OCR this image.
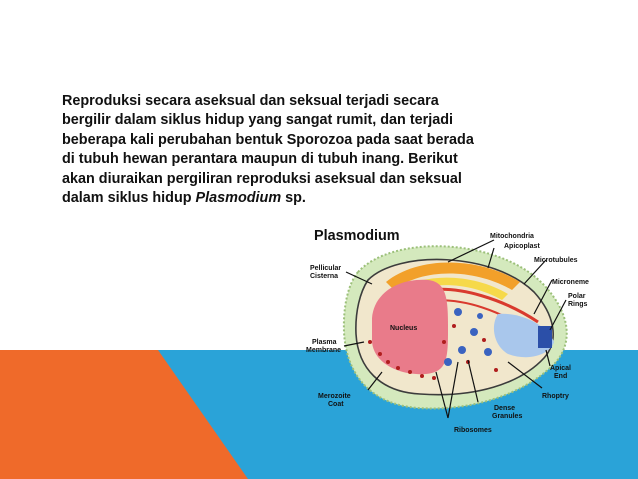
Reproduksi secara aseksual dan seksual terjadi secara
bergilir dalam siklus hidup yang sangat rumit, dan terjadi
beberapa kali perubahan bentuk Sporozoa pada saat berada
di tubuh hewan perantara maupun di tubuh inang. Berikut
akan diuraikan pergiliran reproduksi aseksual dan seksual
dalam siklus hidup Plasmodium sp.
Plasmodium	Mitochondria
Apicoplast
Microtubules
Pellicular
Cisterna
Microneme
Polar
Rings
Nucleus
Plasma
Membrane
Apical
End
Merozoite
Coat
Rhoptry
Dense
Granules
Ribosomes
